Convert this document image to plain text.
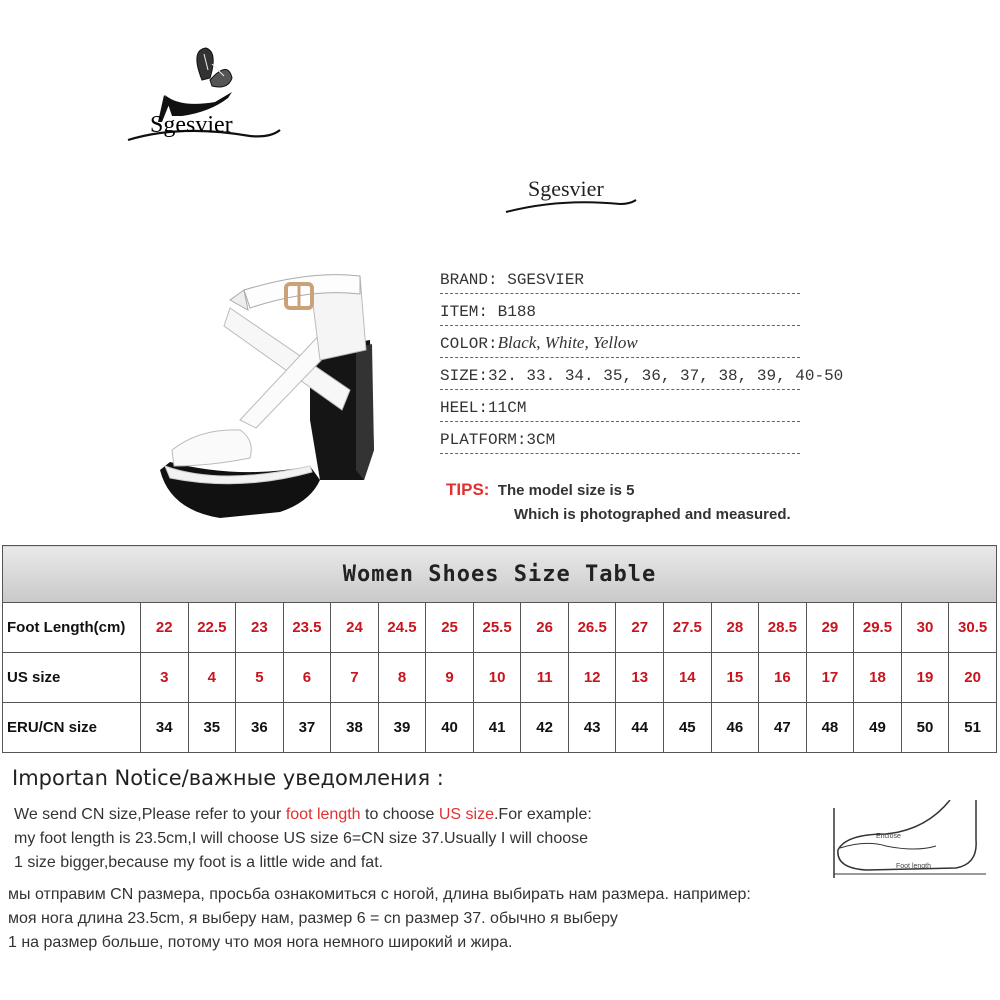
Sgesvier
Sgesvier
BRAND: SGESVIER
ITEM: B188
COLOR:Black, White, Yellow
SIZE:32. 33. 34. 35, 36, 37, 38, 39, 40-50
HEEL:11CM
PLATFORM:3CM
TIPS: The model size is 5
Which is photographed and measured.
Women Shoes Size Table																		
Foot Length(cm)	22	22.5	23	23.5	24	24.5	25	25.5	26	26.5	27	27.5	28	28.5	29	29.5	30	30.5
US size	3	4	5	6	7	8	9	10	11	12	13	14	15	16	17	18	19	20
ERU/CN size	34	35	36	37	38	39	40	41	42	43	44	45	46	47	48	49	50	51
Importan Notice/важные уведомления :
We send CN size,Please refer to your foot length to choose US size.For example:
my foot length is 23.5cm,I will choose US size 6=CN size 37.Usually I will choose
1 size bigger,because my foot is a little wide and fat.
мы отправим CN размера, просьба ознакомиться с ногой, длина выбирать нам размера. например:
моя нога длина 23.5cm, я выберу нам, размер 6 = cn размер 37. обычно я выберу
1 на размер больше, потому что моя нога немного широкий и жира.
Enclose
Foot length
